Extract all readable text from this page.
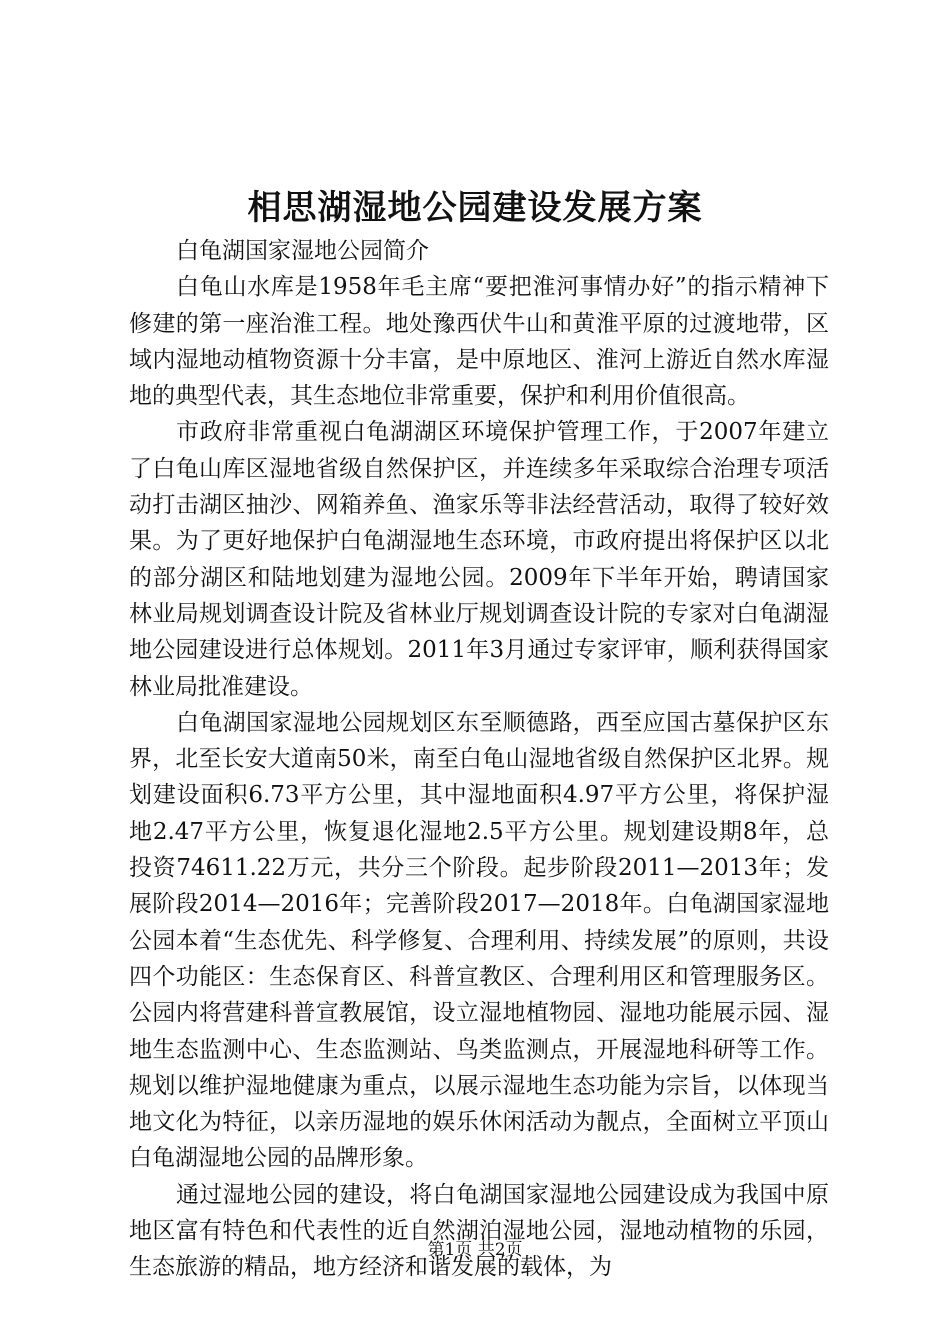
相思湖湿地公园建设发展方案

白龟湖国家湿地公园简介

白龟山水库是1958年毛主席“要把淮河事情办好”的指示精神下修建的第一座治淮工程。地处豫西伏牛山和黄淮平原的过渡地带，区域内湿地动植物资源十分丰富，是中原地区、淮河上游近自然水库湿地的典型代表，其生态地位非常重要，保护和利用价值很高。

市政府非常重视白龟湖湖区环境保护管理工作，于2007年建立了白龟山库区湿地省级自然保护区，并连续多年采取综合治理专项活动打击湖区抽沙、网箱养鱼、渔家乐等非法经营活动，取得了较好效果。为了更好地保护白龟湖湿地生态环境，市政府提出将保护区以北的部分湖区和陆地划建为湿地公园。2009年下半年开始，聘请国家林业局规划调查设计院及省林业厅规划调查设计院的专家对白龟湖湿地公园建设进行总体规划。2011年3月通过专家评审，顺利获得国家林业局批准建设。

白龟湖国家湿地公园规划区东至顺德路，西至应国古墓保护区东界，北至长安大道南50米，南至白龟山湿地省级自然保护区北界。规划建设面积6.73平方公里，其中湿地面积4.97平方公里，将保护湿地2.47平方公里，恢复退化湿地2.5平方公里。规划建设期8年，总投资74611.22万元，共分三个阶段。起步阶段2011—2013年；发展阶段2014—2016年；完善阶段2017—2018年。白龟湖国家湿地公园本着“生态优先、科学修复、合理利用、持续发展”的原则，共设四个功能区：生态保育区、科普宣教区、合理利用区和管理服务区。公园内将营建科普宣教展馆，设立湿地植物园、湿地功能展示园、湿地生态监测中心、生态监测站、鸟类监测点，开展湿地科研等工作。规划以维护湿地健康为重点，以展示湿地生态功能为宗旨，以体现当地文化为特征，以亲历湿地的娱乐休闲活动为靓点，全面树立平顶山白龟湖湿地公园的品牌形象。

通过湿地公园的建设，将白龟湖国家湿地公园建设成为我国中原地区富有特色和代表性的近自然湖泊湿地公园，湿地动植物的乐园，生态旅游的精品，地方经济和谐发展的载体，为

第1页 共2页
